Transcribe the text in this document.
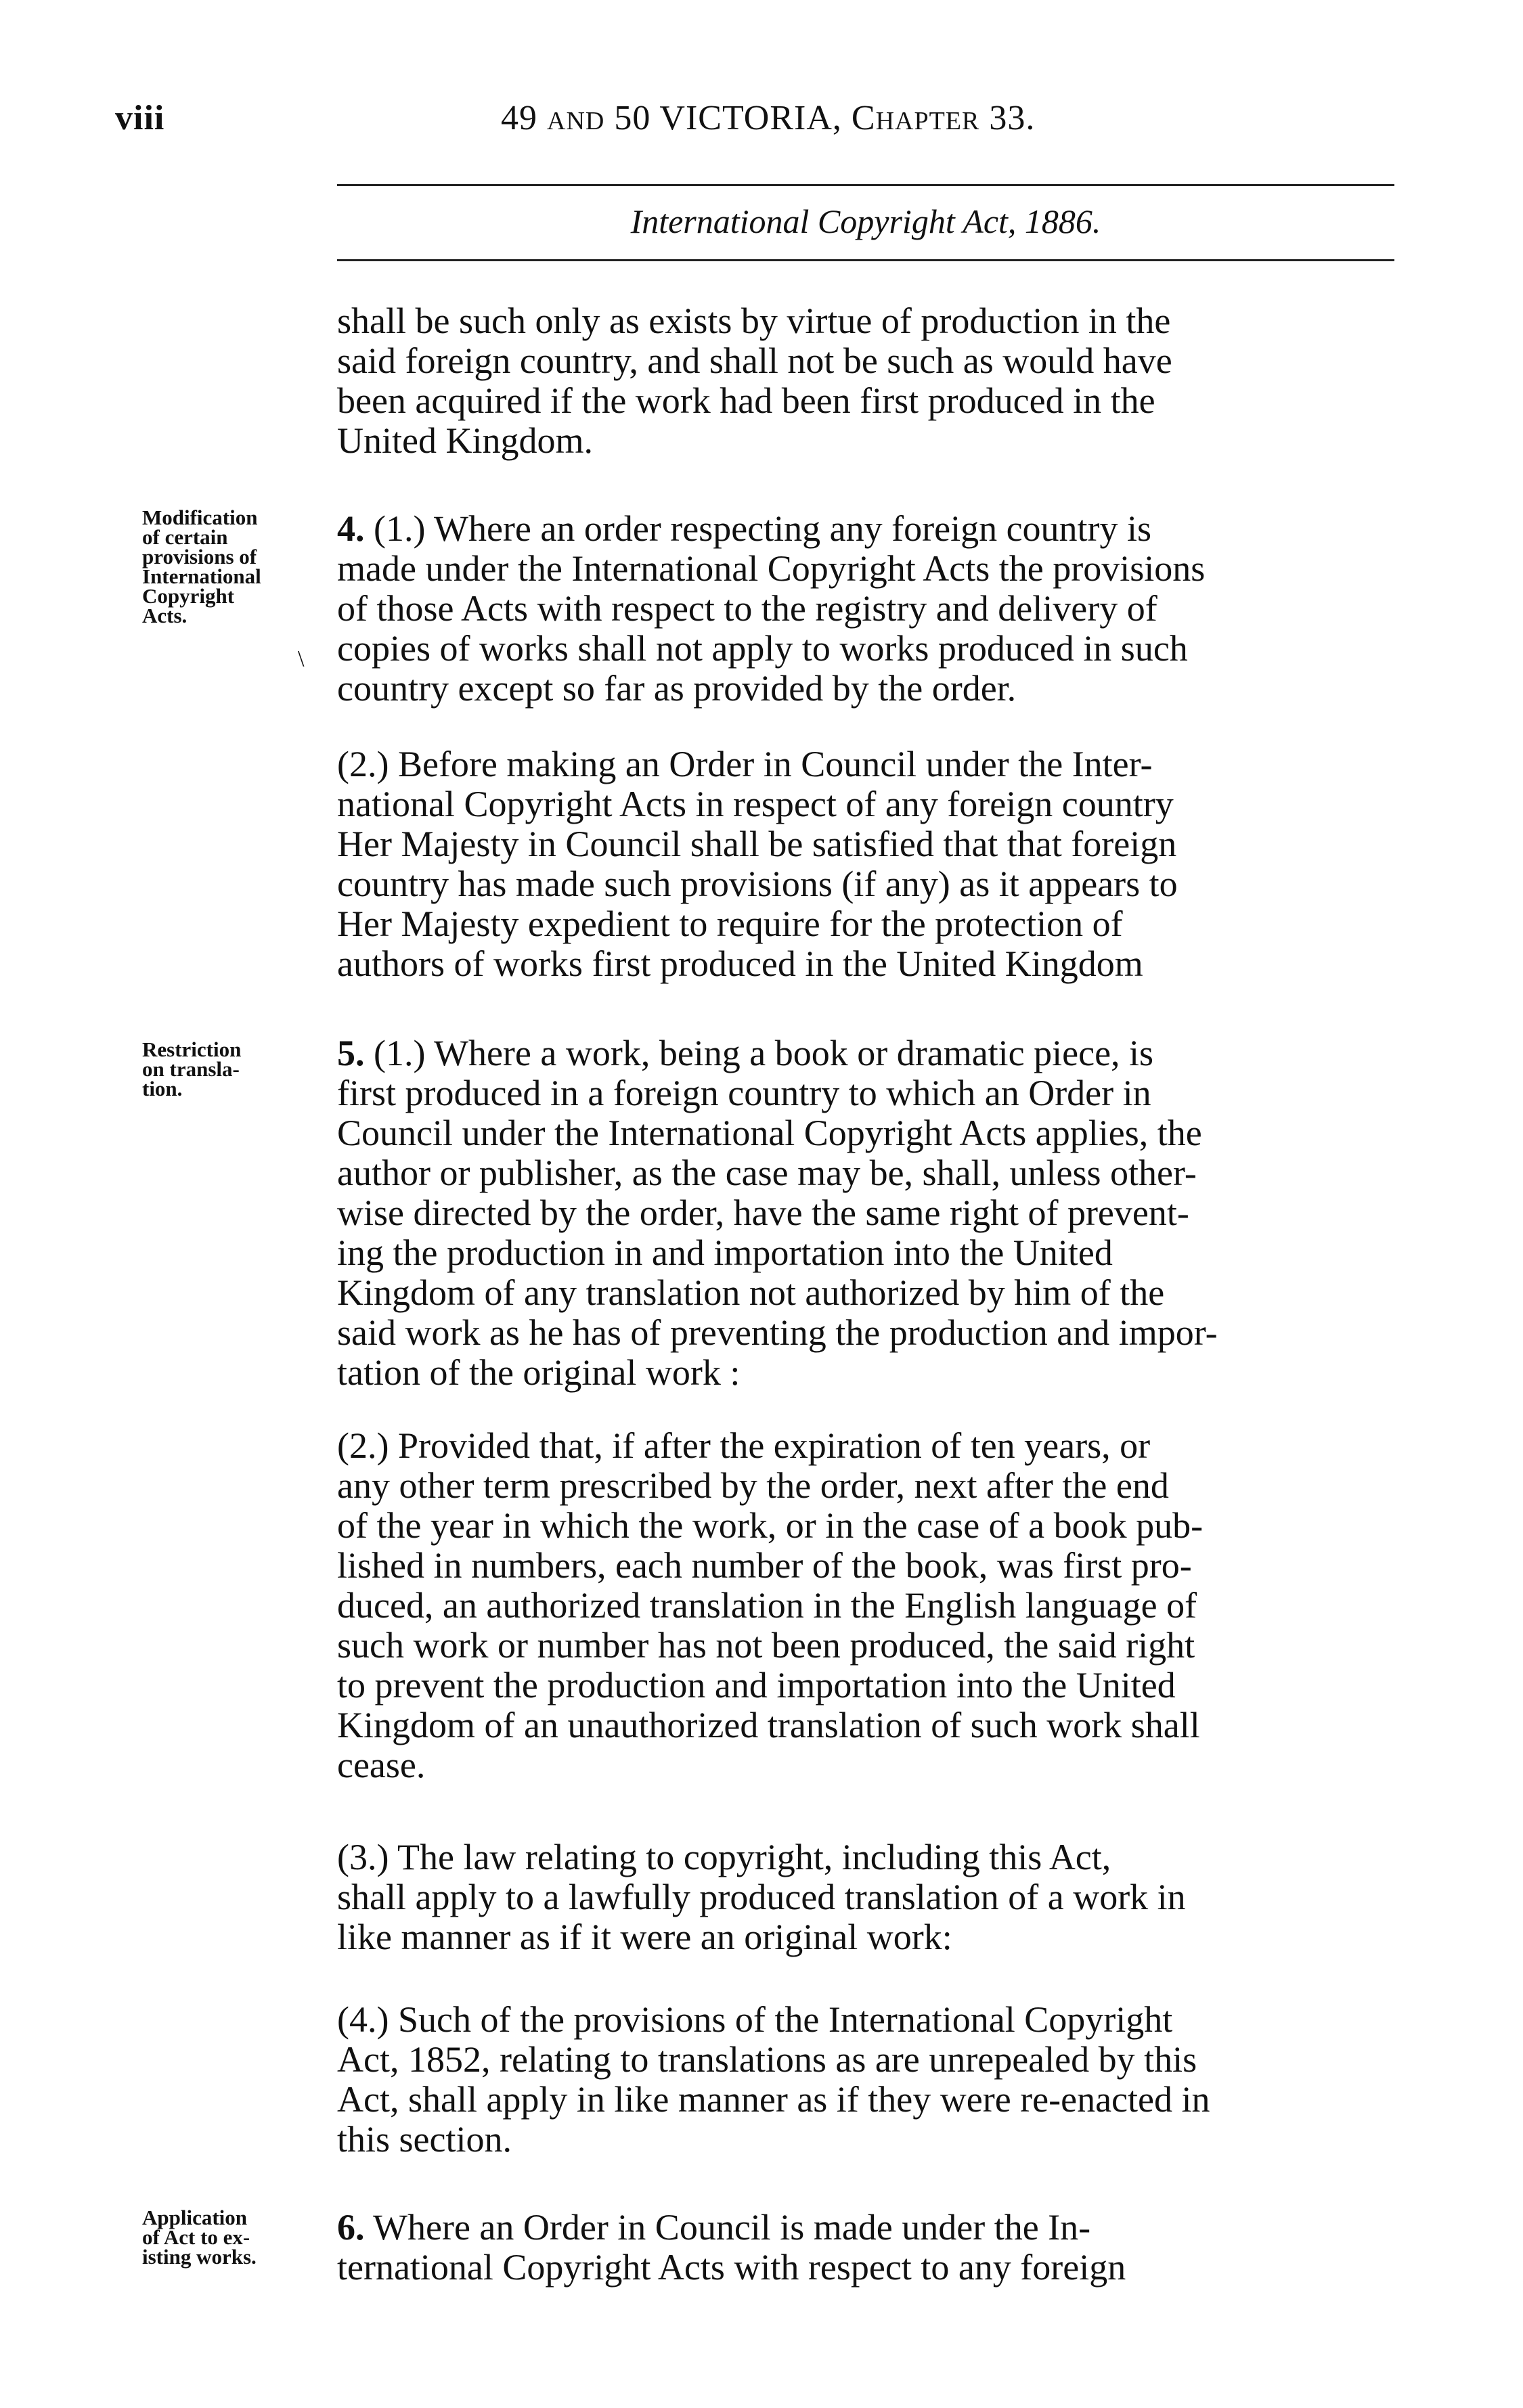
viii	49 AND 50 VICTORIA, CHAPTER 33.
International Copyright Act, 1886.
shall be such only as exists by virtue of production in the
said foreign country, and shall not be such as would have
been acquired if the work had been first produced in the
United Kingdom.
Modification
of certain
provisions of
International
Copyright
Acts.
\
4. (1.) Where an order respecting any foreign country is
made under the International Copyright Acts the provisions
of those Acts with respect to the registry and delivery of
copies of works shall not apply to works produced in such
country except so far as provided by the order.
(2.) Before making an Order in Council under the Inter-
national Copyright Acts in respect of any foreign country
Her Majesty in Council shall be satisfied that that foreign
country has made such provisions (if any) as it appears to
Her Majesty expedient to require for the protection of
authors of works first produced in the United Kingdom
Restriction
on transla-
tion.
5. (1.) Where a work, being a book or dramatic piece, is
first produced in a foreign country to which an Order in
Council under the International Copyright Acts applies, the
author or publisher, as the case may be, shall, unless other-
wise directed by the order, have the same right of prevent-
ing the production in and importation into the United
Kingdom of any translation not authorized by him of the
said work as he has of preventing the production and impor-
tation of the original work :
(2.) Provided that, if after the expiration of ten years, or
any other term prescribed by the order, next after the end
of the year in which the work, or in the case of a book pub-
lished in numbers, each number of the book, was first pro-
duced, an authorized translation in the English language of
such work or number has not been produced, the said right
to prevent the production and importation into the United
Kingdom of an unauthorized translation of such work shall
cease.
(3.) The law relating to copyright, including this Act,
shall apply to a lawfully produced translation of a work in
like manner as if it were an original work:
(4.) Such of the provisions of the International Copyright
Act, 1852, relating to translations as are unrepealed by this
Act, shall apply in like manner as if they were re-enacted in
this section.
Application
of Act to ex-
isting works.
6. Where an Order in Council is made under the In-
ternational Copyright Acts with respect to any foreign
